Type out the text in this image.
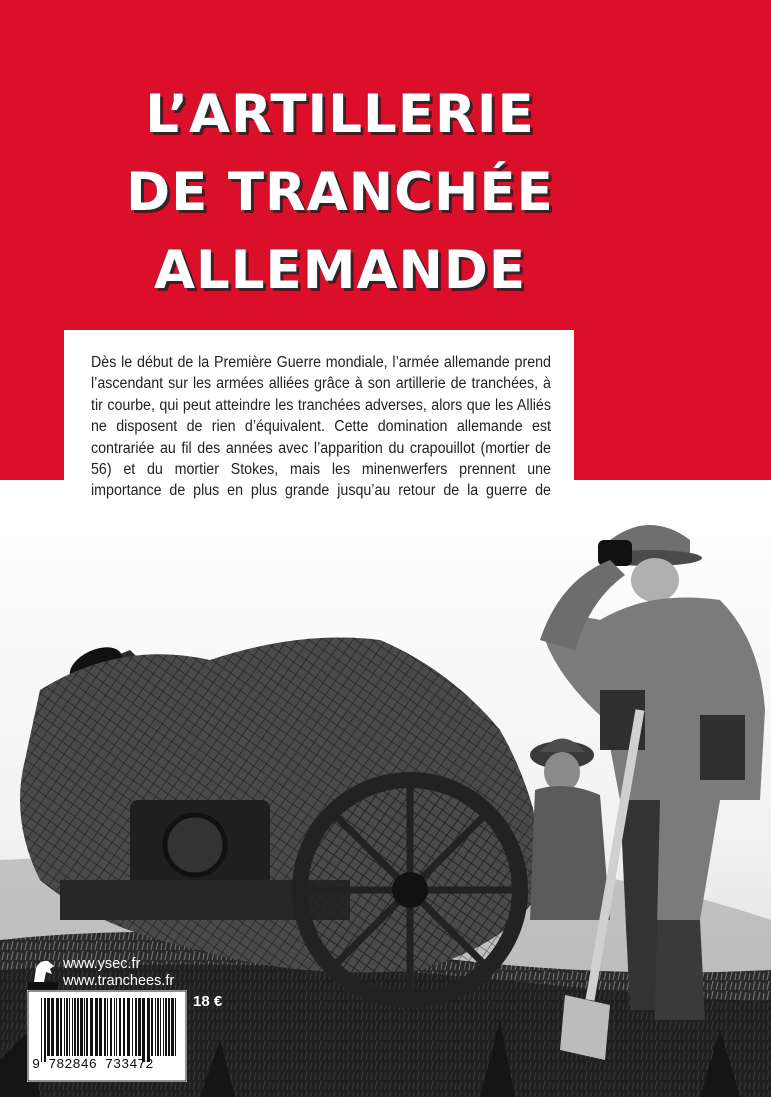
L’ARTILLERIE
DE TRANCHÉE
ALLEMANDE
Dès le début de la Première Guerre mondiale, l’armée allemande prend l’ascendant sur les armées alliées grâce à son artillerie de tranchées, à tir courbe, qui peut atteindre les tranchées adverses, alors que les Alliés ne disposent de rien d’équivalent. Cette domination allemande est contrariée au fil des années avec l’apparition du crapouillot (mortier de 56) et du mortier Stokes, mais les minenwerfers prennent une importance de plus en plus grande jusqu’au retour de la guerre de
www.ysec.fr
www.tranchees.fr
18 €
9 782846 733472
